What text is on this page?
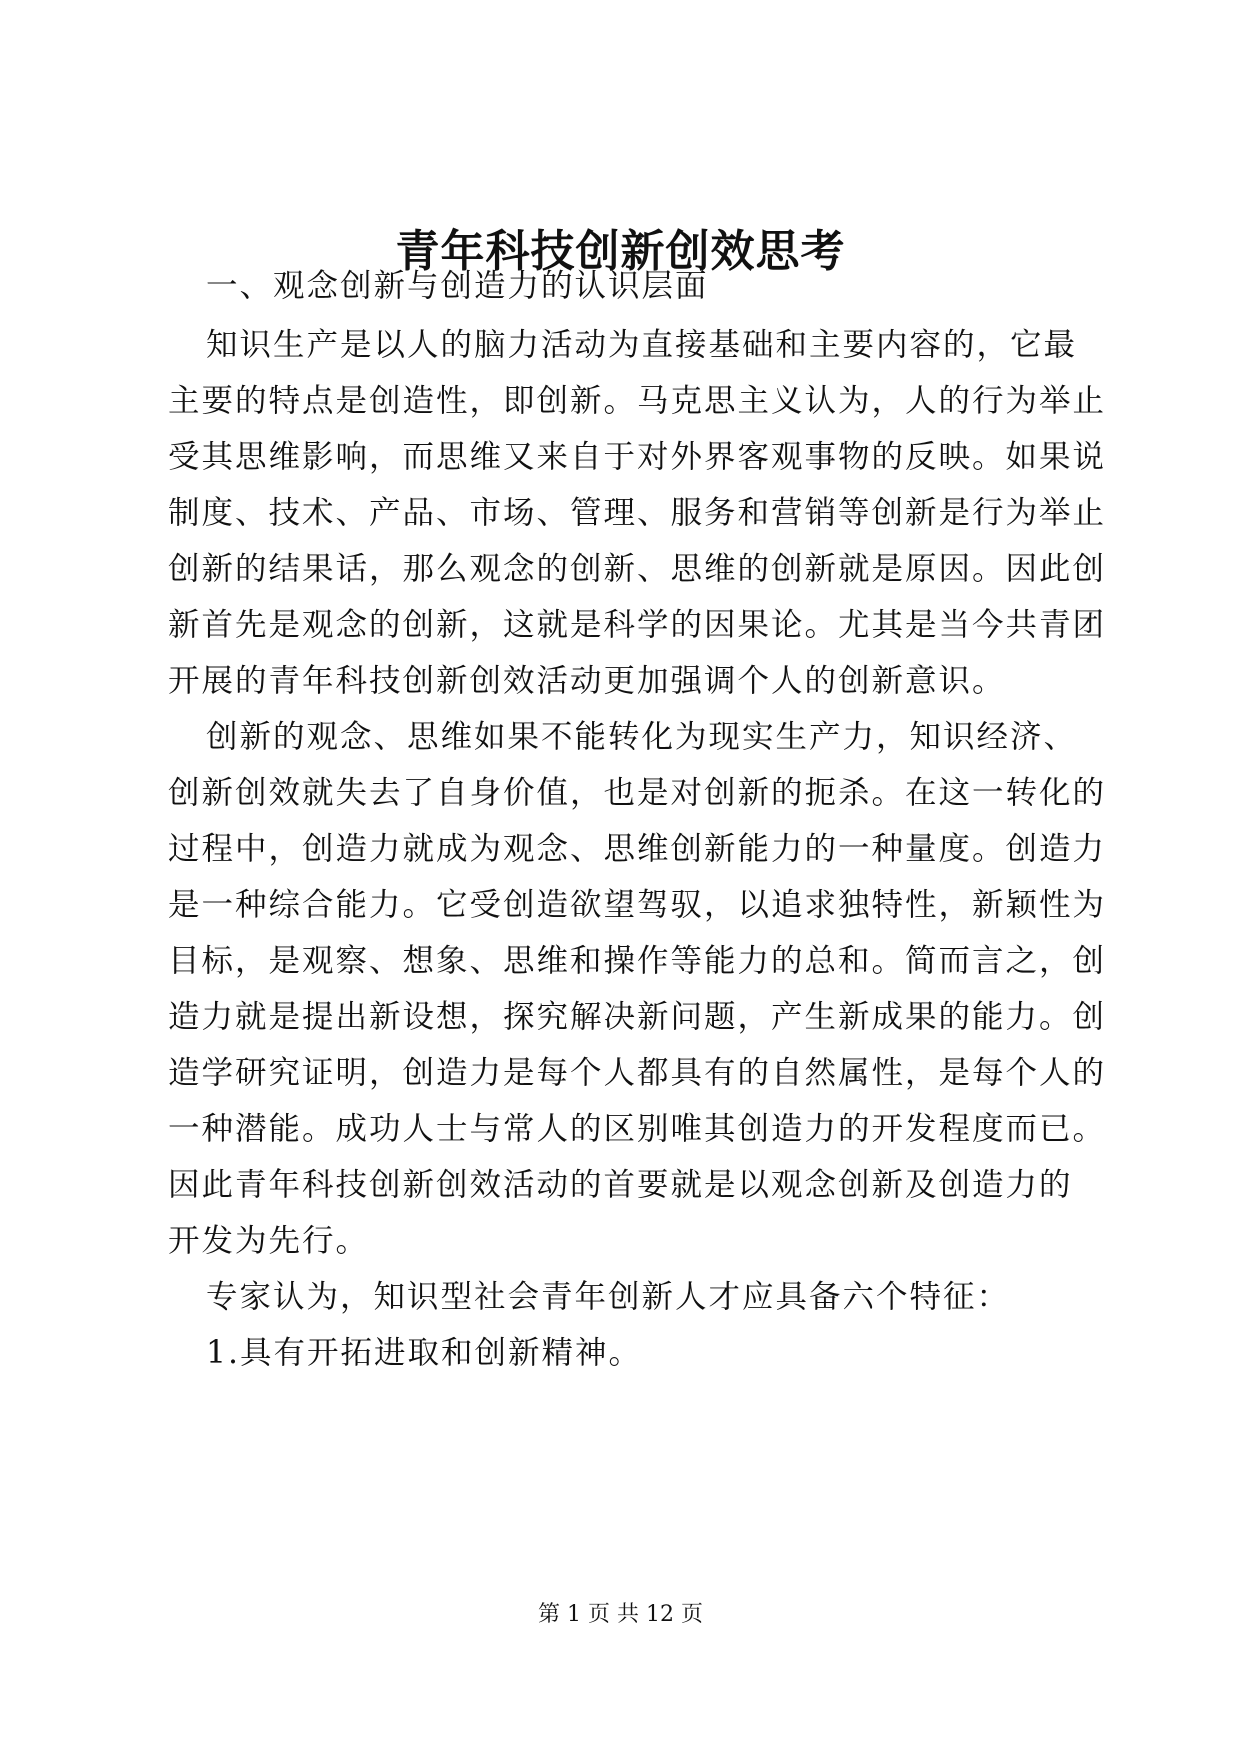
青年科技创新创效思考
一、观念创新与创造力的认识层面
知识生产是以人的脑力活动为直接基础和主要内容的，它最
主要的特点是创造性，即创新。马克思主义认为，人的行为举止
受其思维影响，而思维又来自于对外界客观事物的反映。如果说
制度、技术、产品、市场、管理、服务和营销等创新是行为举止
创新的结果话，那么观念的创新、思维的创新就是原因。因此创
新首先是观念的创新，这就是科学的因果论。尤其是当今共青团
开展的青年科技创新创效活动更加强调个人的创新意识。
创新的观念、思维如果不能转化为现实生产力，知识经济、
创新创效就失去了自身价值，也是对创新的扼杀。在这一转化的
过程中，创造力就成为观念、思维创新能力的一种量度。创造力
是一种综合能力。它受创造欲望驾驭，以追求独特性，新颖性为
目标，是观察、想象、思维和操作等能力的总和。简而言之，创
造力就是提出新设想，探究解决新问题，产生新成果的能力。创
造学研究证明，创造力是每个人都具有的自然属性，是每个人的
一种潜能。成功人士与常人的区别唯其创造力的开发程度而已。
因此青年科技创新创效活动的首要就是以观念创新及创造力的
开发为先行。
专家认为，知识型社会青年创新人才应具备六个特征：
1.具有开拓进取和创新精神。
第 1 页 共 12 页
